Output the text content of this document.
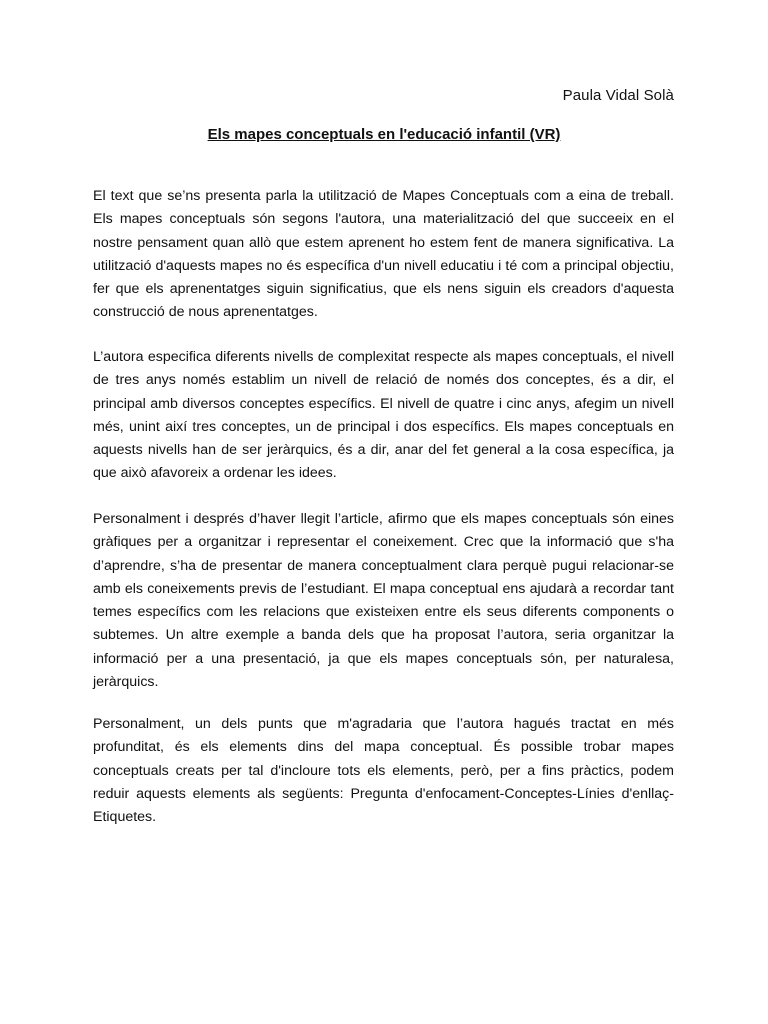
Paula Vidal Solà
Els mapes conceptuals en l'educació infantil (VR)

El text que se’ns presenta parla la utilització de Mapes Conceptuals com a eina de treball. Els mapes conceptuals són segons l'autora, una materialització del que succeeix en el nostre pensament quan allò que estem aprenent ho estem fent de manera significativa. La utilització d'aquests mapes no és específica d'un nivell educatiu i té com a principal objectiu, fer que els aprenentatges siguin significatius, que els nens siguin els creadors d'aquesta construcció de nous aprenentatges.

L’autora especifica diferents nivells de complexitat respecte als mapes conceptuals, el nivell de tres anys només establim un nivell de relació de només dos conceptes, és a dir, el principal amb diversos conceptes específics. El nivell de quatre i cinc anys, afegim un nivell més, unint així tres conceptes, un de principal i dos específics. Els mapes conceptuals en aquests nivells han de ser jeràrquics, és a dir, anar del fet general a la cosa específica, ja que això afavoreix a ordenar les idees.

Personalment i després d’haver llegit l’article, afirmo que els mapes conceptuals són eines gràfiques per a organitzar i representar el coneixement. Crec que la informació que s'ha d’aprendre, s’ha de presentar de manera conceptualment clara perquè pugui relacionar-se amb els coneixements previs de l’estudiant. El mapa conceptual ens ajudarà a recordar tant temes específics com les relacions que existeixen entre els seus diferents components o subtemes. Un altre exemple a banda dels que ha proposat l’autora, seria organitzar la informació per a una presentació, ja que els mapes conceptuals són, per naturalesa, jeràrquics.

Personalment, un dels punts que m'agradaria que l’autora hagués tractat en més profunditat, és els elements dins del mapa conceptual. És possible trobar mapes conceptuals creats per tal d'incloure tots els elements, però, per a fins pràctics, podem reduir aquests elements als següents: Pregunta d'enfocament-Conceptes-Línies d'enllaç-Etiquetes.
